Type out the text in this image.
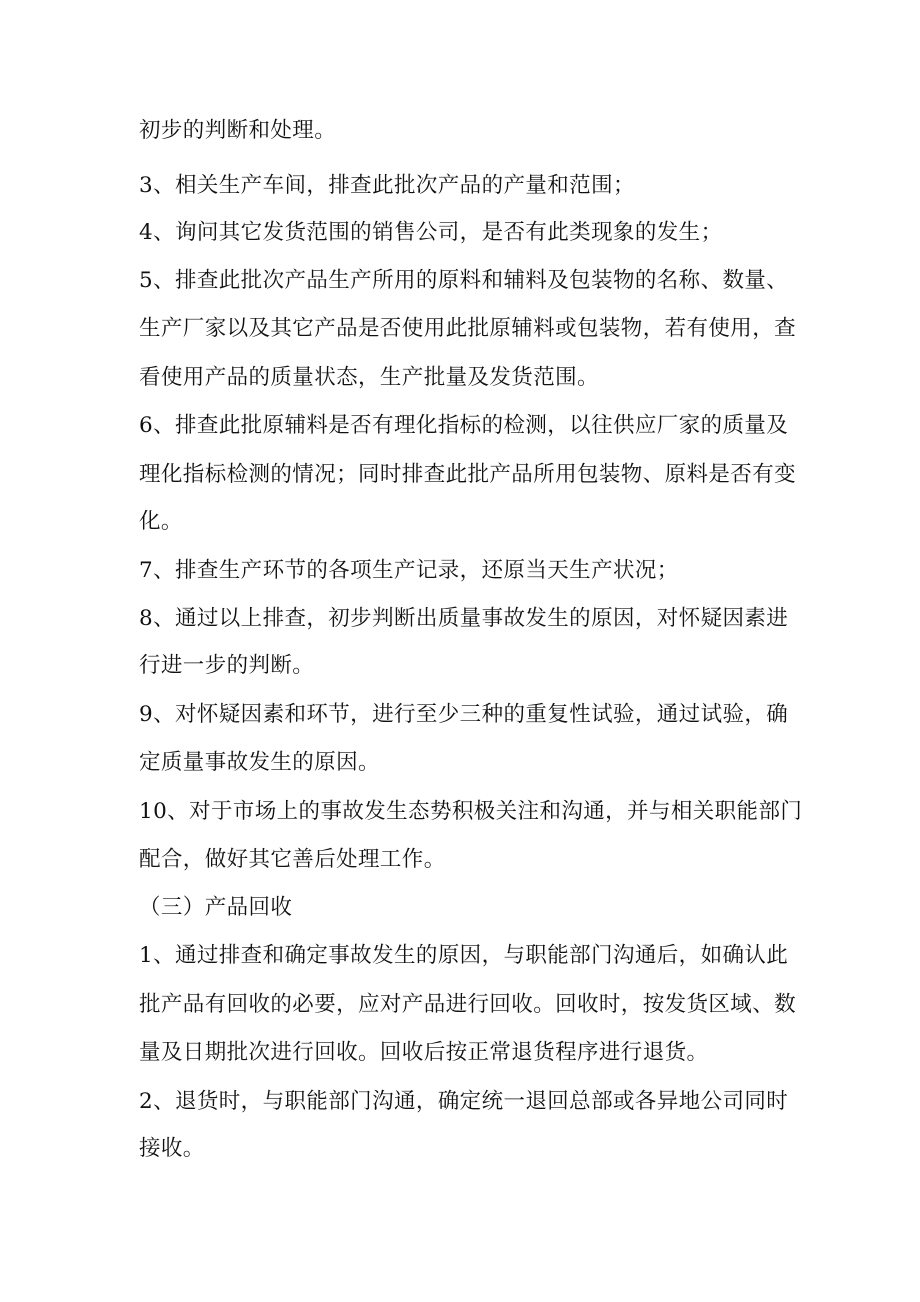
初步的判断和处理。
3、相关生产车间，排查此批次产品的产量和范围；
4、询问其它发货范围的销售公司，是否有此类现象的发生；
5、排查此批次产品生产所用的原料和辅料及包装物的名称、数量、
生产厂家以及其它产品是否使用此批原辅料或包装物，若有使用，查
看使用产品的质量状态，生产批量及发货范围。
6、排查此批原辅料是否有理化指标的检测，以往供应厂家的质量及
理化指标检测的情况；同时排查此批产品所用包装物、原料是否有变
化。
7、排查生产环节的各项生产记录，还原当天生产状况；
8、通过以上排查，初步判断出质量事故发生的原因，对怀疑因素进
行进一步的判断。
9、对怀疑因素和环节，进行至少三种的重复性试验，通过试验，确
定质量事故发生的原因。
10、对于市场上的事故发生态势积极关注和沟通，并与相关职能部门
配合，做好其它善后处理工作。
（三）产品回收
1、通过排查和确定事故发生的原因，与职能部门沟通后，如确认此
批产品有回收的必要，应对产品进行回收。回收时，按发货区域、数
量及日期批次进行回收。回收后按正常退货程序进行退货。
2、退货时，与职能部门沟通，确定统一退回总部或各异地公司同时
接收。
